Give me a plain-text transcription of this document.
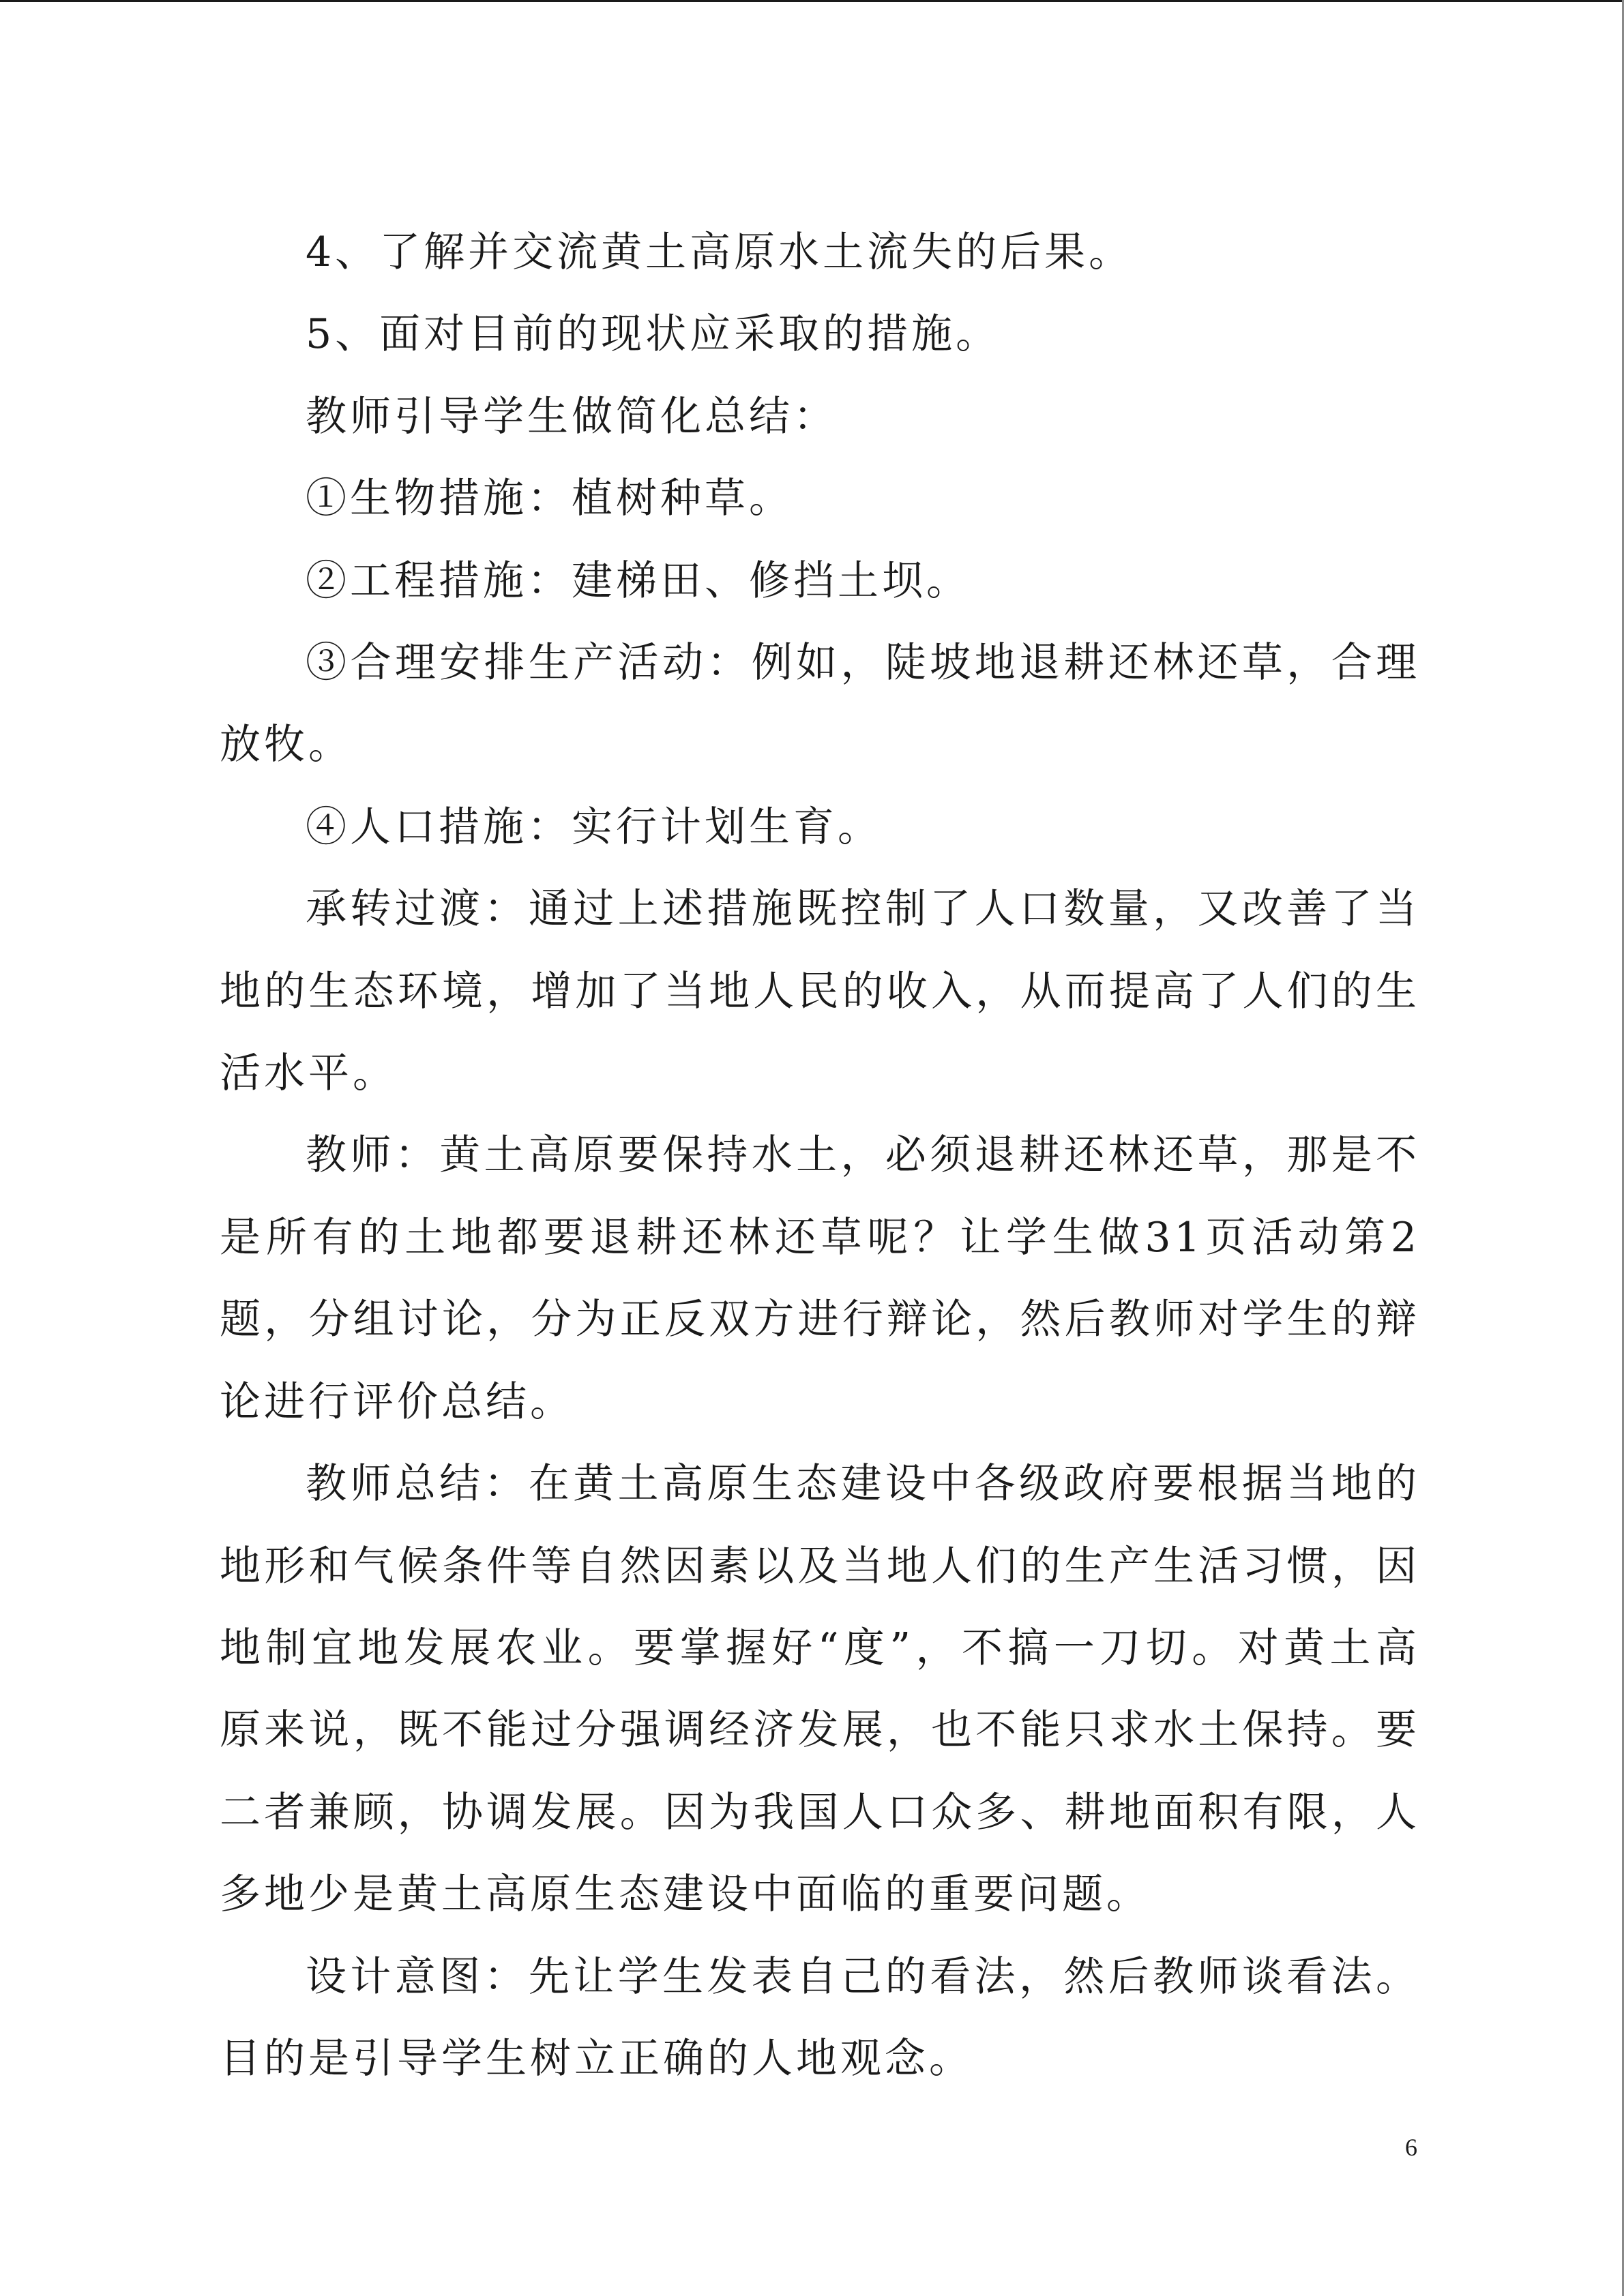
4、了解并交流黄土高原水土流失的后果。

5、面对目前的现状应采取的措施。

教师引导学生做简化总结：

①生物措施：植树种草。

②工程措施：建梯田、修挡土坝。

③合理安排生产活动：例如，陡坡地退耕还林还草，合理放牧。

④人口措施：实行计划生育。

承转过渡：通过上述措施既控制了人口数量，又改善了当地的生态环境，增加了当地人民的收入，从而提高了人们的生活水平。

教师：黄土高原要保持水土，必须退耕还林还草，那是不是所有的土地都要退耕还林还草呢？让学生做31页活动第2题，分组讨论，分为正反双方进行辩论，然后教师对学生的辩论进行评价总结。

教师总结：在黄土高原生态建设中各级政府要根据当地的地形和气候条件等自然因素以及当地人们的生产生活习惯，因地制宜地发展农业。要掌握好“度”，不搞一刀切。对黄土高原来说，既不能过分强调经济发展，也不能只求水土保持。要二者兼顾，协调发展。因为我国人口众多、耕地面积有限，人多地少是黄土高原生态建设中面临的重要问题。

设计意图：先让学生发表自己的看法，然后教师谈看法。目的是引导学生树立正确的人地观念。

6
